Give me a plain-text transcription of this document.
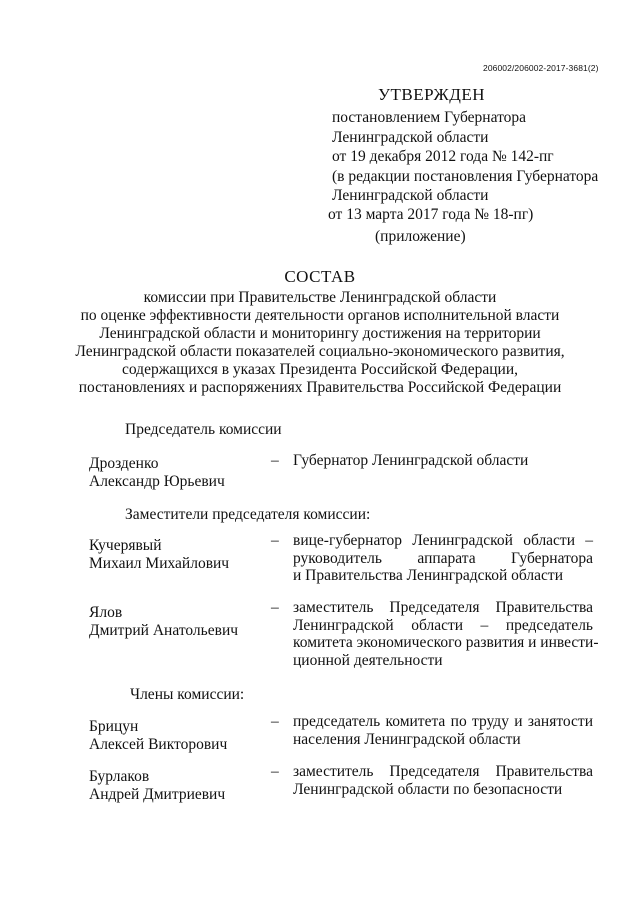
206002/206002-2017-3681(2)
УТВЕРЖДЕН
постановлением Губернатора
Ленинградской области
от 19 декабря 2012 года № 142-пг
(в редакции постановления Губернатора
Ленинградской области
от 13 марта 2017 года № 18-пг)
(приложение)
СОСТАВ
комиссии при Правительстве Ленинградской области
по оценке эффективности деятельности органов исполнительной власти
Ленинградской области и мониторингу достижения на территории
Ленинградской области показателей социально-экономического развития,
содержащихся в указах Президента Российской Федерации,
постановлениях и распоряжениях Правительства Российской Федерации
Председатель комиссии
Дрозденко
Александр Юрьевич
– Губернатор Ленинградской области
Заместители председателя комиссии:
Кучерявый
Михаил Михайлович
– вице-губернатор Ленинградской области –
руководитель аппарата Губернатора
и Правительства Ленинградской области
Ялов
Дмитрий Анатольевич
– заместитель Председателя Правительства
Ленинградской области – председатель
комитета экономического развития и инвести-
ционной деятельности
Члены комиссии:
Брицун
Алексей Викторович
– председатель комитета по труду и занятости
населения Ленинградской области
Бурлаков
Андрей Дмитриевич
– заместитель Председателя Правительства
Ленинградской области по безопасности
